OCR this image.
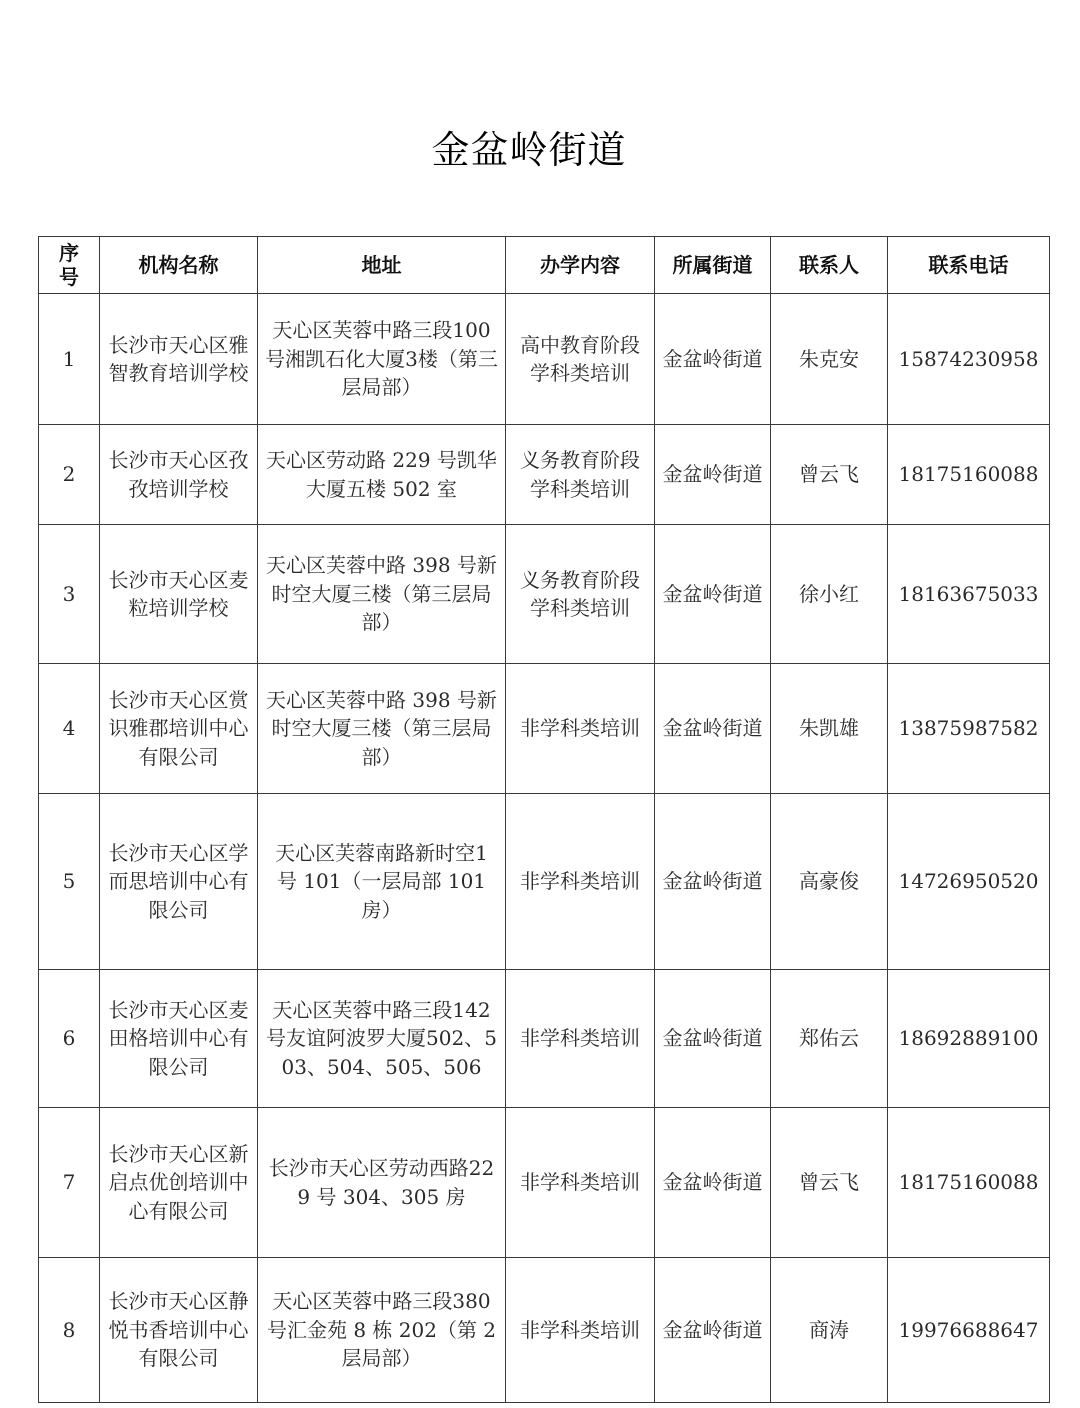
金盆岭街道
序号	机构名称	地址	办学内容	所属街道	联系人	联系电话
1	长沙市天心区雅智教育培训学校	天心区芙蓉中路三段100号湘凯石化大厦3楼（第三层局部）	高中教育阶段学科类培训	金盆岭街道	朱克安	15874230958
2	长沙市天心区孜孜培训学校	天心区劳动路 229 号凯华大厦五楼 502 室	义务教育阶段学科类培训	金盆岭街道	曾云飞	18175160088
3	长沙市天心区麦粒培训学校	天心区芙蓉中路 398 号新时空大厦三楼（第三层局部）	义务教育阶段学科类培训	金盆岭街道	徐小红	18163675033
4	长沙市天心区赏识雅郡培训中心有限公司	天心区芙蓉中路 398 号新时空大厦三楼（第三层局部）	非学科类培训	金盆岭街道	朱凯雄	13875987582
5	长沙市天心区学而思培训中心有限公司	天心区芙蓉南路新时空1 号 101（一层局部 101 房）	非学科类培训	金盆岭街道	高豪俊	14726950520
6	长沙市天心区麦田格培训中心有限公司	天心区芙蓉中路三段142 号友谊阿波罗大厦502、503、504、505、506	非学科类培训	金盆岭街道	郑佑云	18692889100
7	长沙市天心区新启点优创培训中心有限公司	长沙市天心区劳动西路229 号 304、305 房	非学科类培训	金盆岭街道	曾云飞	18175160088
8	长沙市天心区静悦书香培训中心有限公司	天心区芙蓉中路三段380 号汇金苑 8 栋 202（第 2 层局部）	非学科类培训	金盆岭街道	商涛	19976688647
